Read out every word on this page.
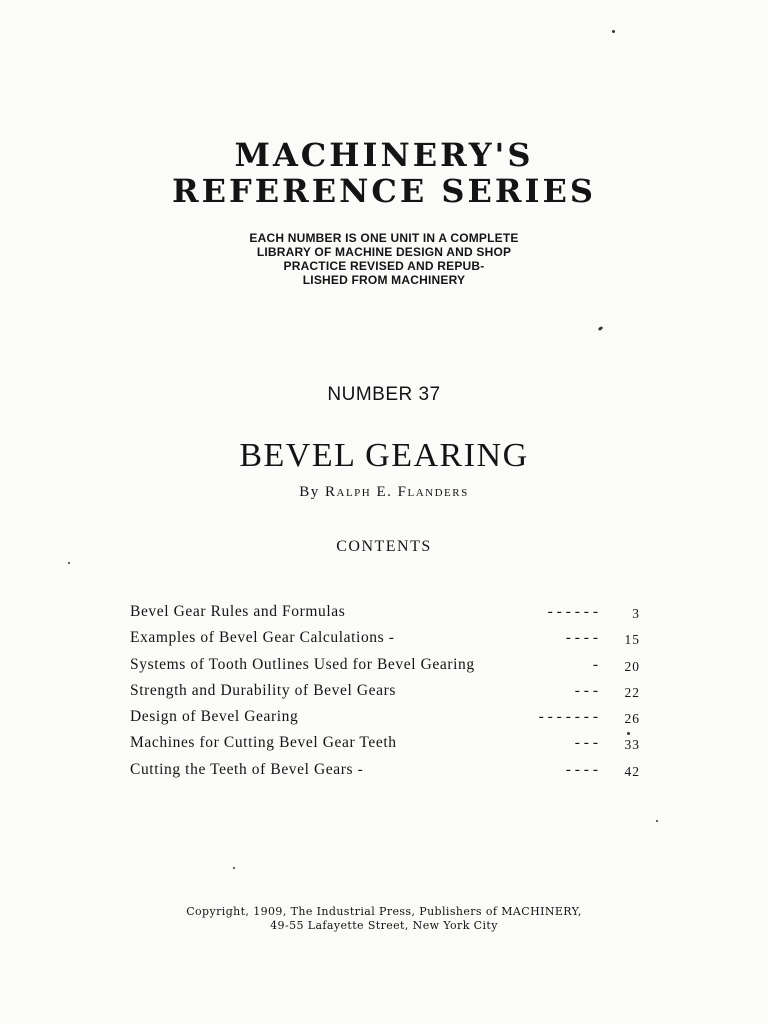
MACHINERY'S
REFERENCE SERIES
EACH NUMBER IS ONE UNIT IN A COMPLETE
LIBRARY OF MACHINE DESIGN AND SHOP
PRACTICE REVISED AND REPUB-
LISHED FROM MACHINERY
NUMBER 37
BEVEL GEARING
By Ralph E. Flanders
CONTENTS
Bevel Gear Rules and Formulas	- - - - - -	3
Examples of Bevel Gear Calculations -	- - - -	15
Systems of Tooth Outlines Used for Bevel Gearing	-	20
Strength and Durability of Bevel Gears	- - -	22
Design of Bevel Gearing	- - - - - - -	26
Machines for Cutting Bevel Gear Teeth	- - -	33
Cutting the Teeth of Bevel Gears -	- - - -	42
Copyright, 1909, The Industrial Press, Publishers of MACHINERY,
49-55 Lafayette Street, New York City
